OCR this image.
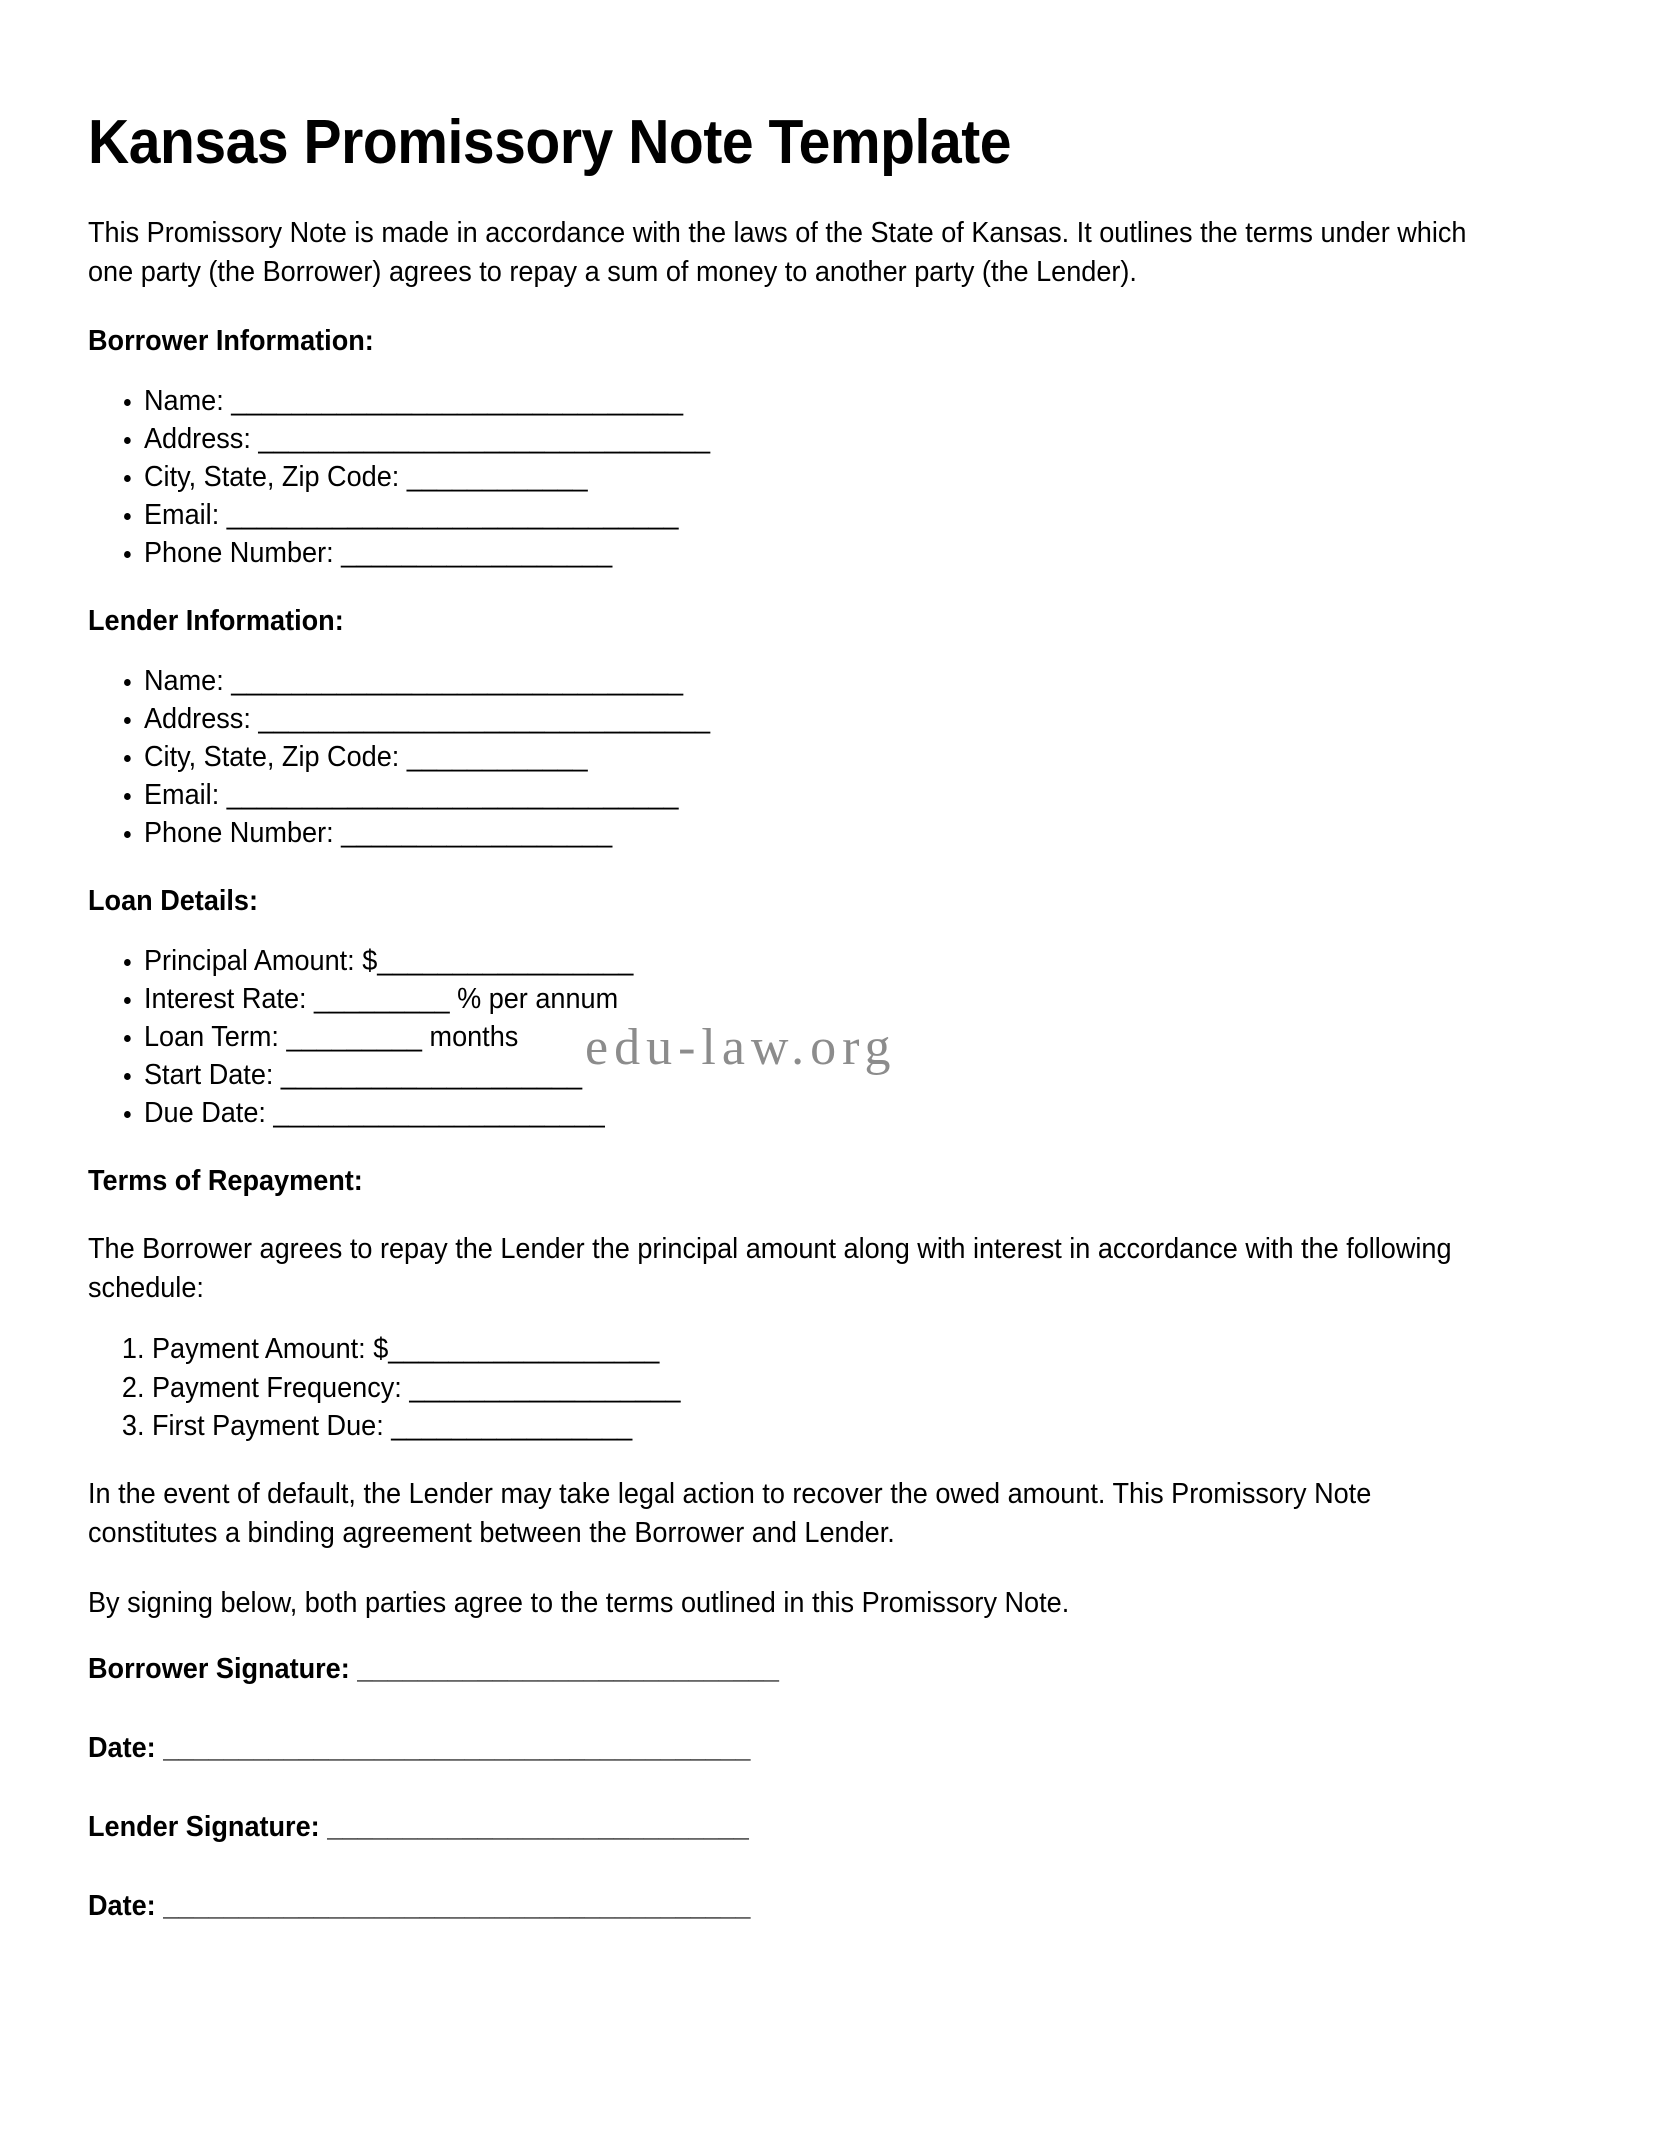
edu-law.org
Kansas Promissory Note Template

This Promissory Note is made in accordance with the laws of the State of Kansas. It outlines the terms under which one party (the Borrower) agrees to repay a sum of money to another party (the Lender).

Borrower Information:
• Name: ______________________________
• Address: ______________________________
• City, State, Zip Code: ____________
• Email: ______________________________
• Phone Number: __________________
Lender Information:
• Name: ______________________________
• Address: ______________________________
• City, State, Zip Code: ____________
• Email: ______________________________
• Phone Number: __________________
Loan Details:
• Principal Amount: $_________________
• Interest Rate: _________ % per annum
• Loan Term: _________ months
• Start Date: ____________________
• Due Date: ______________________
Terms of Repayment:

The Borrower agrees to repay the Lender the principal amount along with interest in accordance with the following schedule:

1. Payment Amount: $__________________
2. Payment Frequency: __________________
3. First Payment Due: ________________

In the event of default, the Lender may take legal action to recover the owed amount. This Promissory Note constitutes a binding agreement between the Borrower and Lender.

By signing below, both parties agree to the terms outlined in this Promissory Note.

Borrower Signature: ____________________________

Date: _______________________________________

Lender Signature: ____________________________

Date: _______________________________________
